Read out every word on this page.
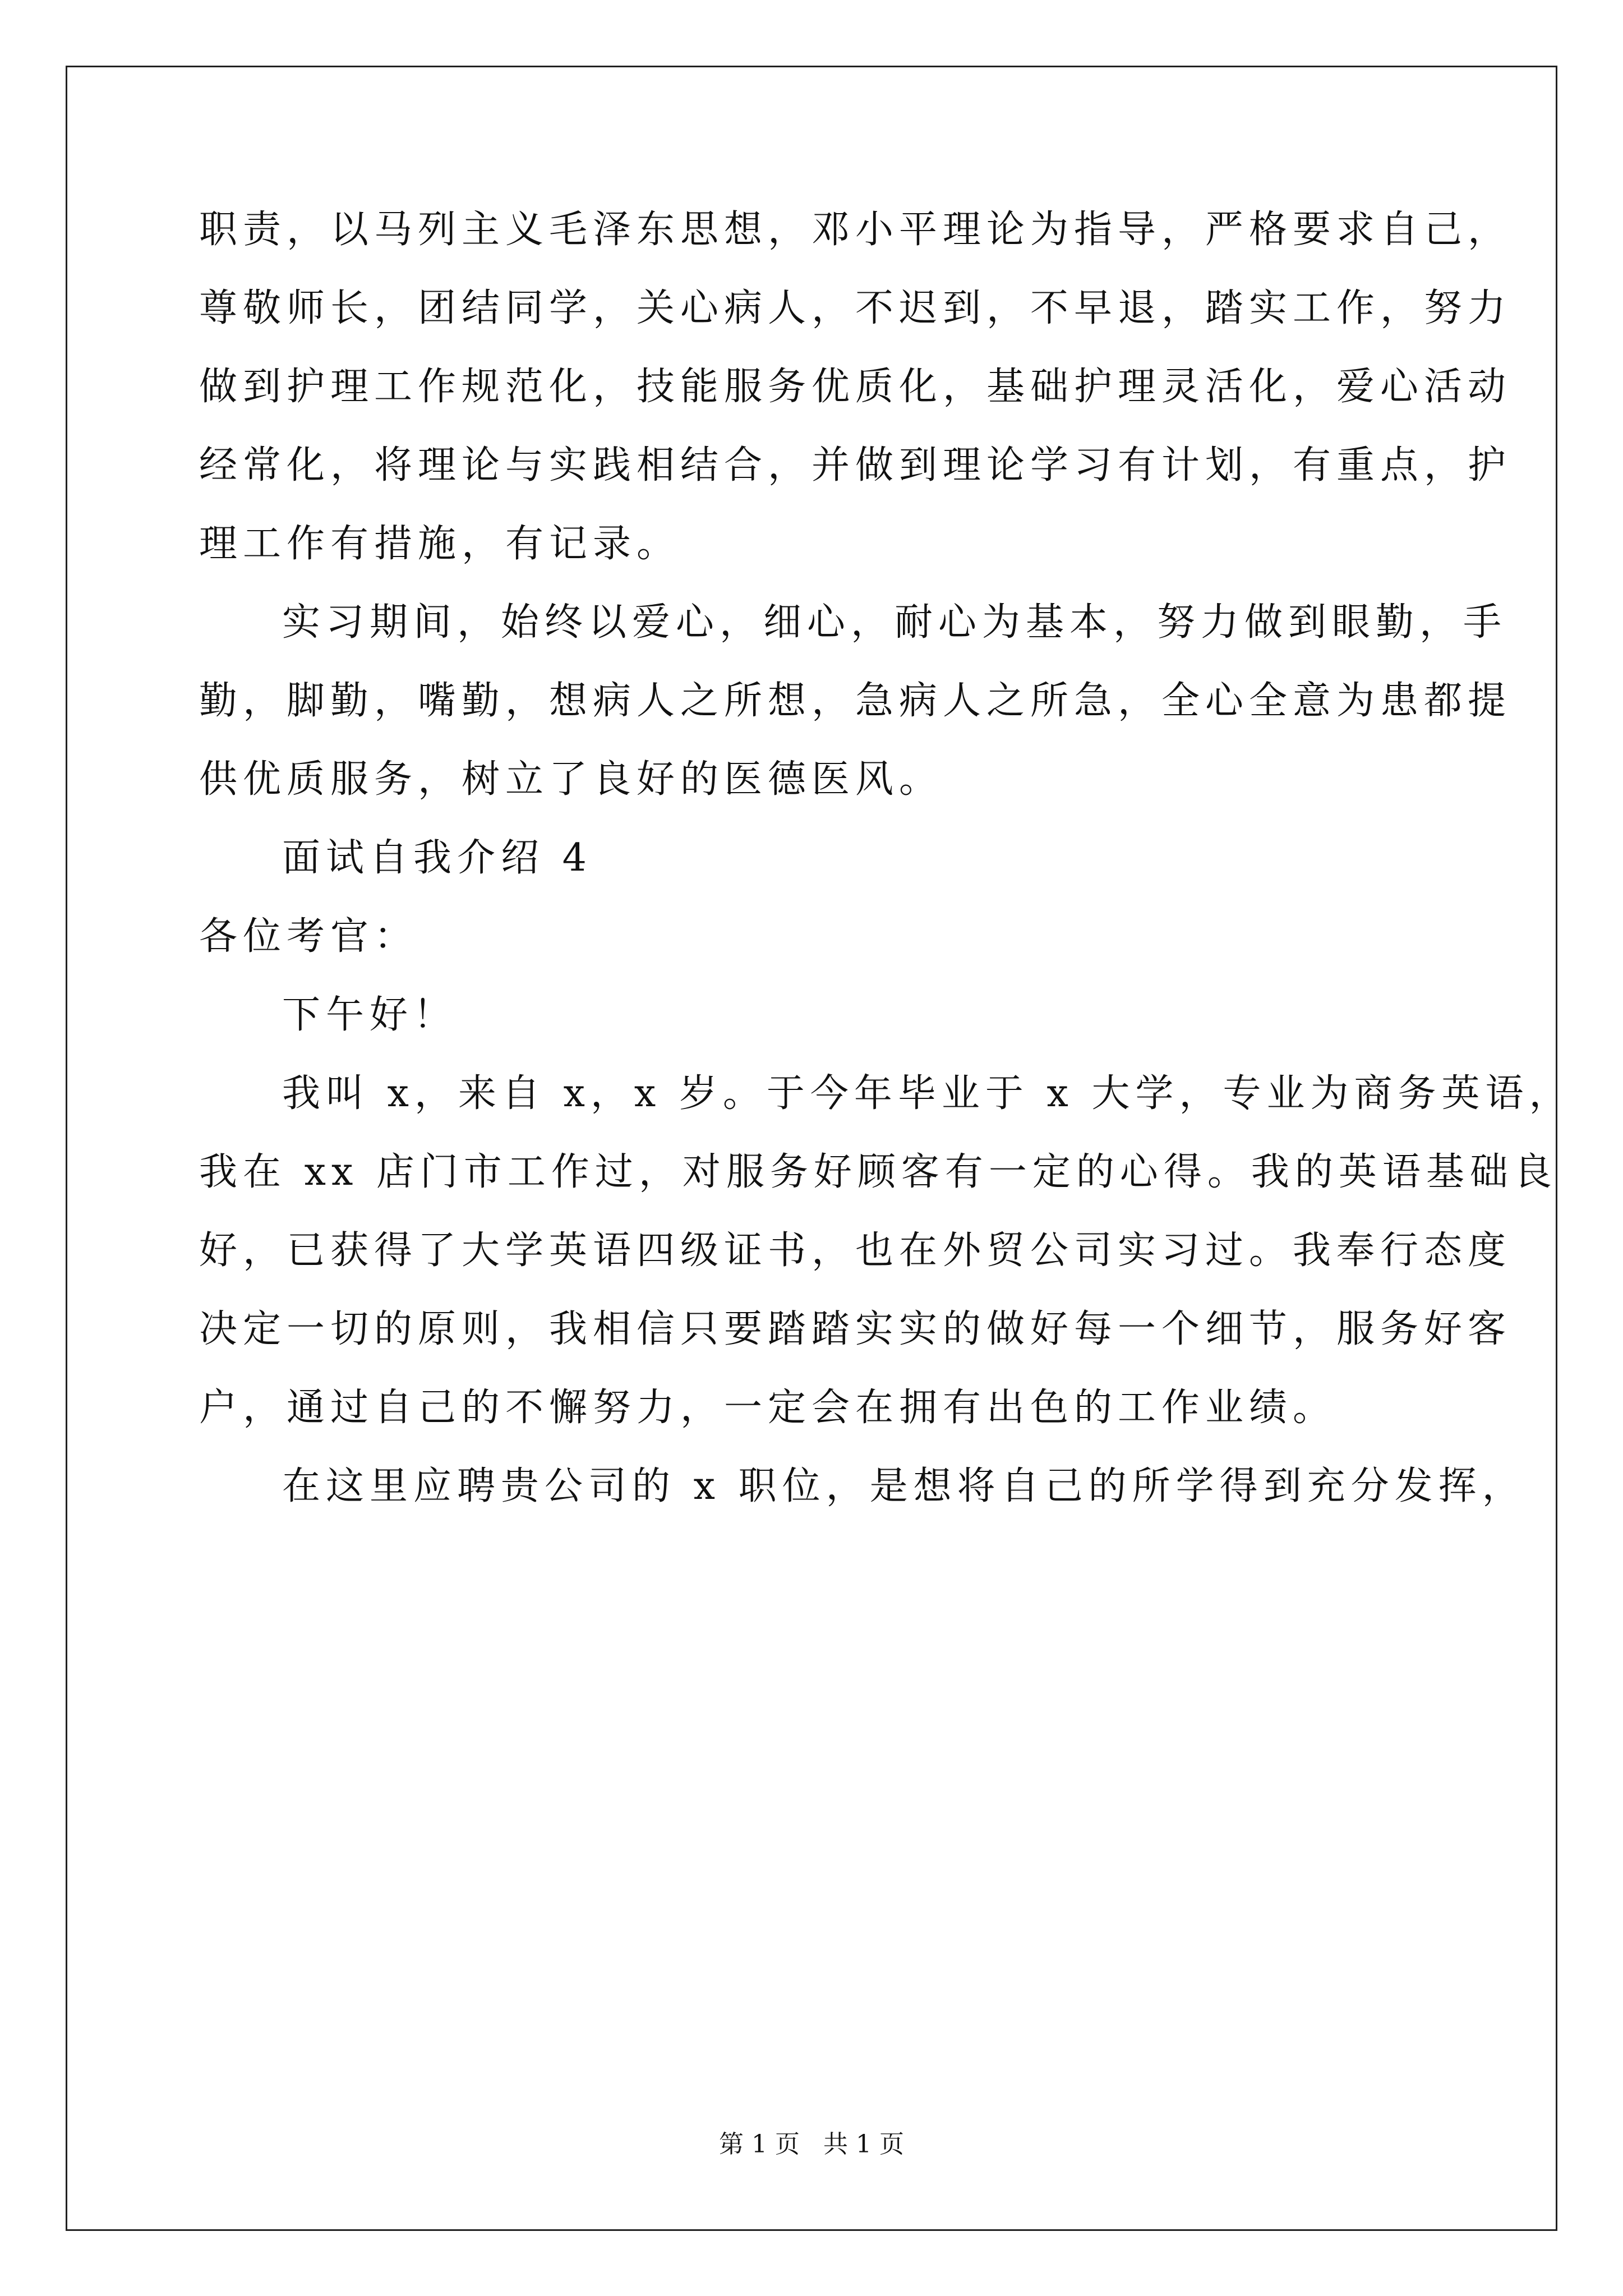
职责，以马列主义毛泽东思想，邓小平理论为指导，严格要求自己，
尊敬师长，团结同学，关心病人，不迟到，不早退，踏实工作，努力
做到护理工作规范化，技能服务优质化，基础护理灵活化，爱心活动
经常化，将理论与实践相结合，并做到理论学习有计划，有重点，护
理工作有措施，有记录。
实习期间，始终以爱心，细心，耐心为基本，努力做到眼勤，手
勤，脚勤，嘴勤，想病人之所想，急病人之所急，全心全意为患都提
供优质服务，树立了良好的医德医风。
面试自我介绍 4
各位考官：
下午好！
我叫 x，来自 x，x 岁。于今年毕业于 x 大学，专业为商务英语，
我在 xx 店门市工作过，对服务好顾客有一定的心得。我的英语基础良
好，已获得了大学英语四级证书，也在外贸公司实习过。我奉行态度
决定一切的原则，我相信只要踏踏实实的做好每一个细节，服务好客
户，通过自己的不懈努力，一定会在拥有出色的工作业绩。
在这里应聘贵公司的 x 职位，是想将自己的所学得到充分发挥，
第 1 页   共 1 页
